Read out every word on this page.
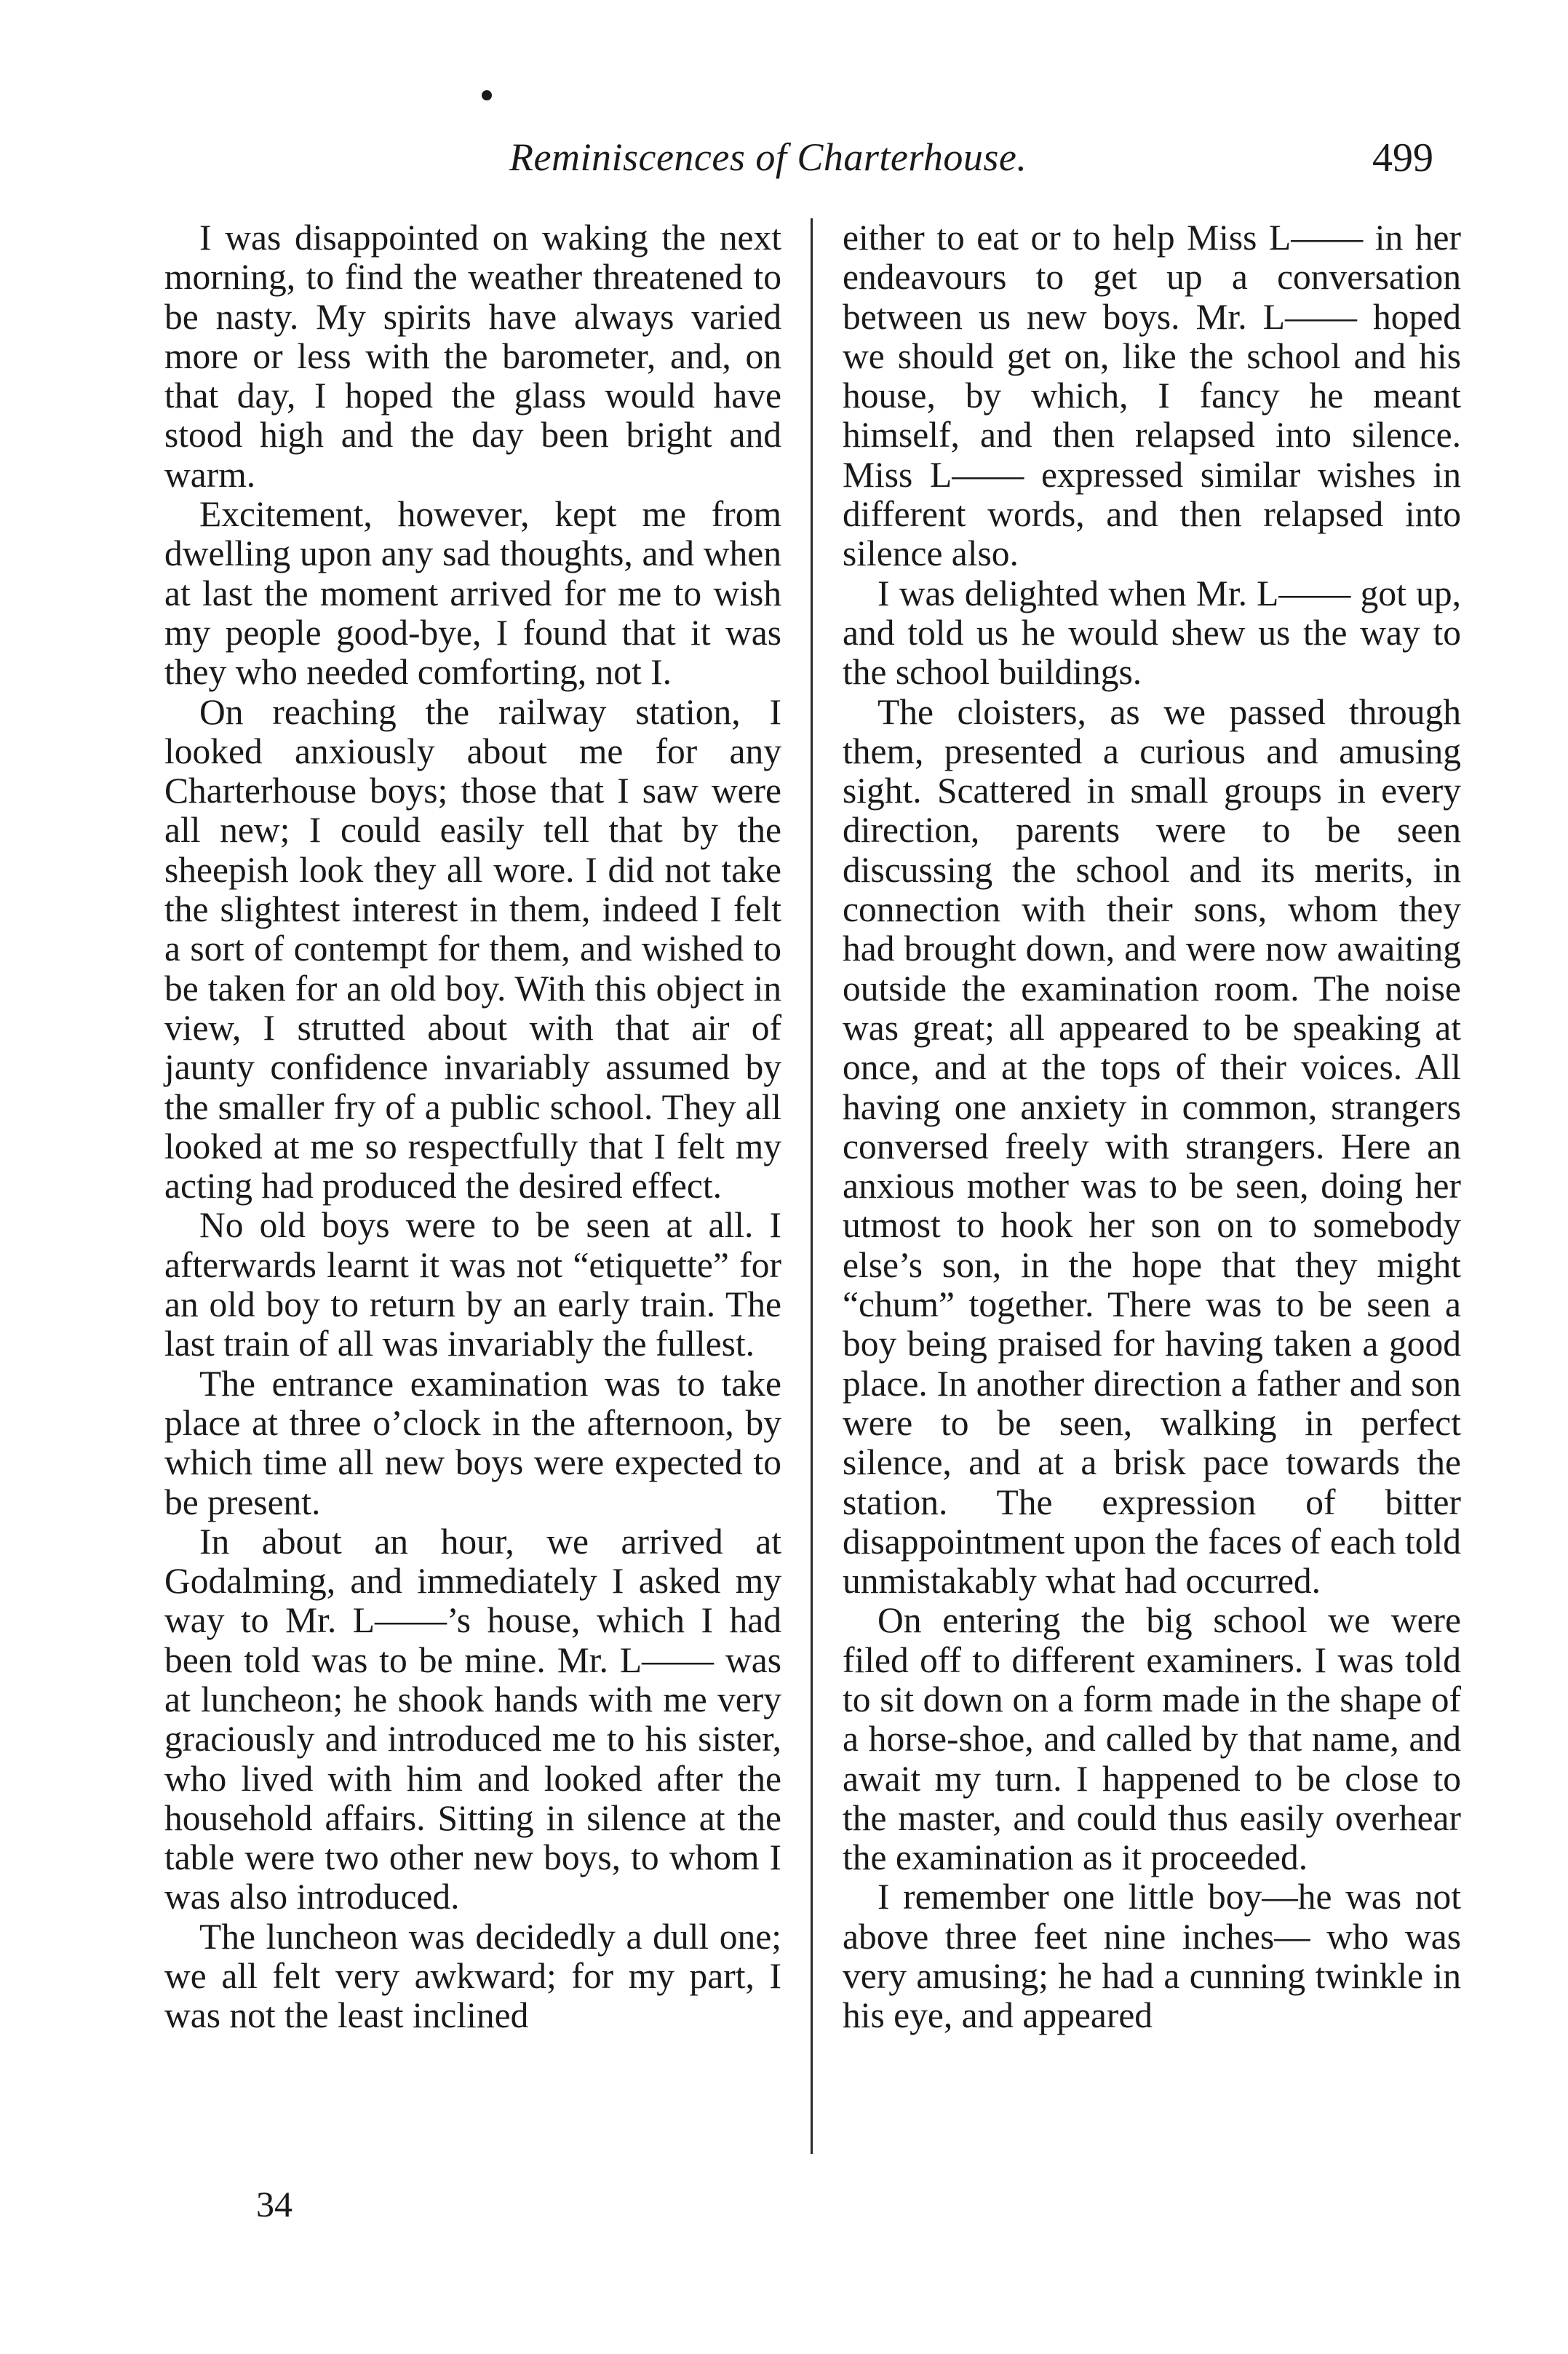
Reminiscences of Charterhouse.	499

I was disappointed on waking the next morning, to find the weather threatened to be nasty. My spirits have always varied more or less with the barometer, and, on that day, I hoped the glass would have stood high and the day been bright and warm.

Excitement, however, kept me from dwelling upon any sad thoughts, and when at last the moment arrived for me to wish my people good-bye, I found that it was they who needed comforting, not I.

On reaching the railway station, I looked anxiously about me for any Charterhouse boys; those that I saw were all new; I could easily tell that by the sheepish look they all wore. I did not take the slightest interest in them, indeed I felt a sort of contempt for them, and wished to be taken for an old boy. With this object in view, I strutted about with that air of jaunty confidence invariably assumed by the smaller fry of a public school. They all looked at me so respectfully that I felt my acting had produced the desired effect.

No old boys were to be seen at all. I afterwards learnt it was not “etiquette” for an old boy to return by an early train. The last train of all was invariably the fullest.

The entrance examination was to take place at three o’clock in the afternoon, by which time all new boys were expected to be present.

In about an hour, we arrived at Godalming, and immediately I asked my way to Mr. L——’s house, which I had been told was to be mine. Mr. L—— was at luncheon; he shook hands with me very graciously and introduced me to his sister, who lived with him and looked after the household affairs. Sitting in silence at the table were two other new boys, to whom I was also introduced.

The luncheon was decidedly a dull one; we all felt very awkward; for my part, I was not the least inclined

either to eat or to help Miss L—— in her endeavours to get up a conversation between us new boys. Mr. L—— hoped we should get on, like the school and his house, by which, I fancy he meant himself, and then relapsed into silence. Miss L—— expressed similar wishes in different words, and then relapsed into silence also.

I was delighted when Mr. L—— got up, and told us he would shew us the way to the school buildings.

The cloisters, as we passed through them, presented a curious and amusing sight. Scattered in small groups in every direction, parents were to be seen discussing the school and its merits, in connection with their sons, whom they had brought down, and were now awaiting outside the examination room. The noise was great; all appeared to be speaking at once, and at the tops of their voices. All having one anxiety in common, strangers conversed freely with strangers. Here an anxious mother was to be seen, doing her utmost to hook her son on to somebody else’s son, in the hope that they might “chum” together. There was to be seen a boy being praised for having taken a good place. In another direction a father and son were to be seen, walking in perfect silence, and at a brisk pace towards the station. The expression of bitter disappointment upon the faces of each told unmistakably what had occurred.

On entering the big school we were filed off to different examiners. I was told to sit down on a form made in the shape of a horse-shoe, and called by that name, and await my turn. I happened to be close to the master, and could thus easily overhear the examination as it proceeded.

I remember one little boy—he was not above three feet nine inches— who was very amusing; he had a cunning twinkle in his eye, and appeared

34
